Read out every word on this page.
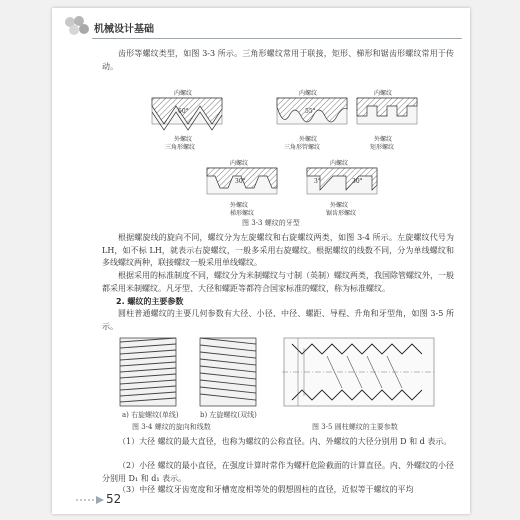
机械设计基础
齿形等螺纹类型，如图 3-3 所示。三角形螺纹常用于联接，矩形、梯形和锯齿形螺纹常用于传动。
内螺纹
60°
外螺纹
三角形螺纹
内螺纹
55°
外螺纹
三角形管螺纹
内螺纹
外螺纹
矩形螺纹
内螺纹
30°
外螺纹
梯形螺纹
内螺纹
3°	30°
外螺纹
锯齿形螺纹
图 3-3 螺纹的牙型
根据螺旋线的旋向不同，螺纹分为左旋螺纹和右旋螺纹两类，如图 3-4 所示。左旋螺纹代号为 LH，如不标 LH，就表示右旋螺纹，一般多采用右旋螺纹。根据螺纹的线数不同，分为单线螺纹和多线螺纹两种，联接螺纹一般采用单线螺纹。
根据采用的标准制度不同，螺纹分为米制螺纹与寸制（英制）螺纹两类，我国除管螺纹外，一般都采用米制螺纹。凡牙型、大径和螺距等都符合国家标准的螺纹，称为标准螺纹。
2. 螺纹的主要参数
圆柱普通螺纹的主要几何参数有大径、小径、中径、螺距、导程、升角和牙型角，如图 3-5 所示。
a) 右旋螺纹(单线)	b) 左旋螺纹(双线)
图 3-4 螺纹的旋向和线数	图 3-5 圆柱螺纹的主要参数
（1）大径 螺纹的最大直径，也称为螺纹的公称直径。内、外螺纹的大径分别用 D 和 d 表示。
（2）小径 螺纹的最小直径，在强度计算时常作为螺杆危险截面的计算直径。内、外螺纹的小径分别用 D₁ 和 d₁ 表示。
（3）中径 螺纹牙齿宽度和牙槽宽度相等处的假想圆柱的直径，近似等于螺纹的平均
52
